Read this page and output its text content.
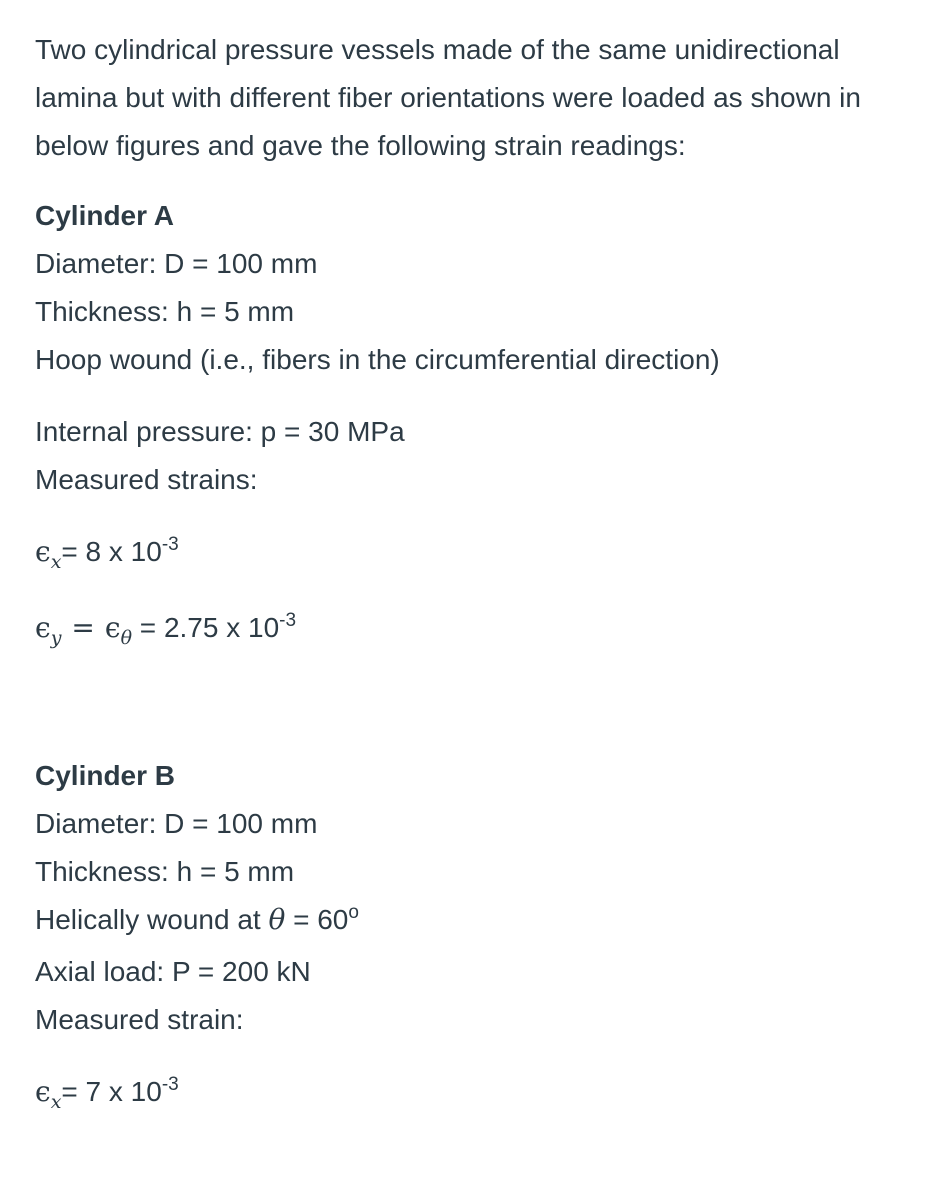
Two cylindrical pressure vessels made of the same unidirectional lamina but with different fiber orientations were loaded as shown in below figures and gave the following strain readings:

Cylinder A

Diameter: D = 100 mm

Thickness: h = 5 mm

Hoop wound (i.e., fibers in the circumferential direction)

Internal pressure: p = 30 MPa

Measured strains:

$\epsilon_x= 8$ x $10^{-3}$

$\epsilon_y = \epsilon_\theta = 2.75$ x $10^{-3}$

Cylinder B

Diameter: D = 100 mm

Thickness: h = 5 mm

Helically wound at $\theta = 60^o$

Axial load: P = 200 kN

Measured strain:

$\epsilon_x= 7$ x $10^{-3}$
